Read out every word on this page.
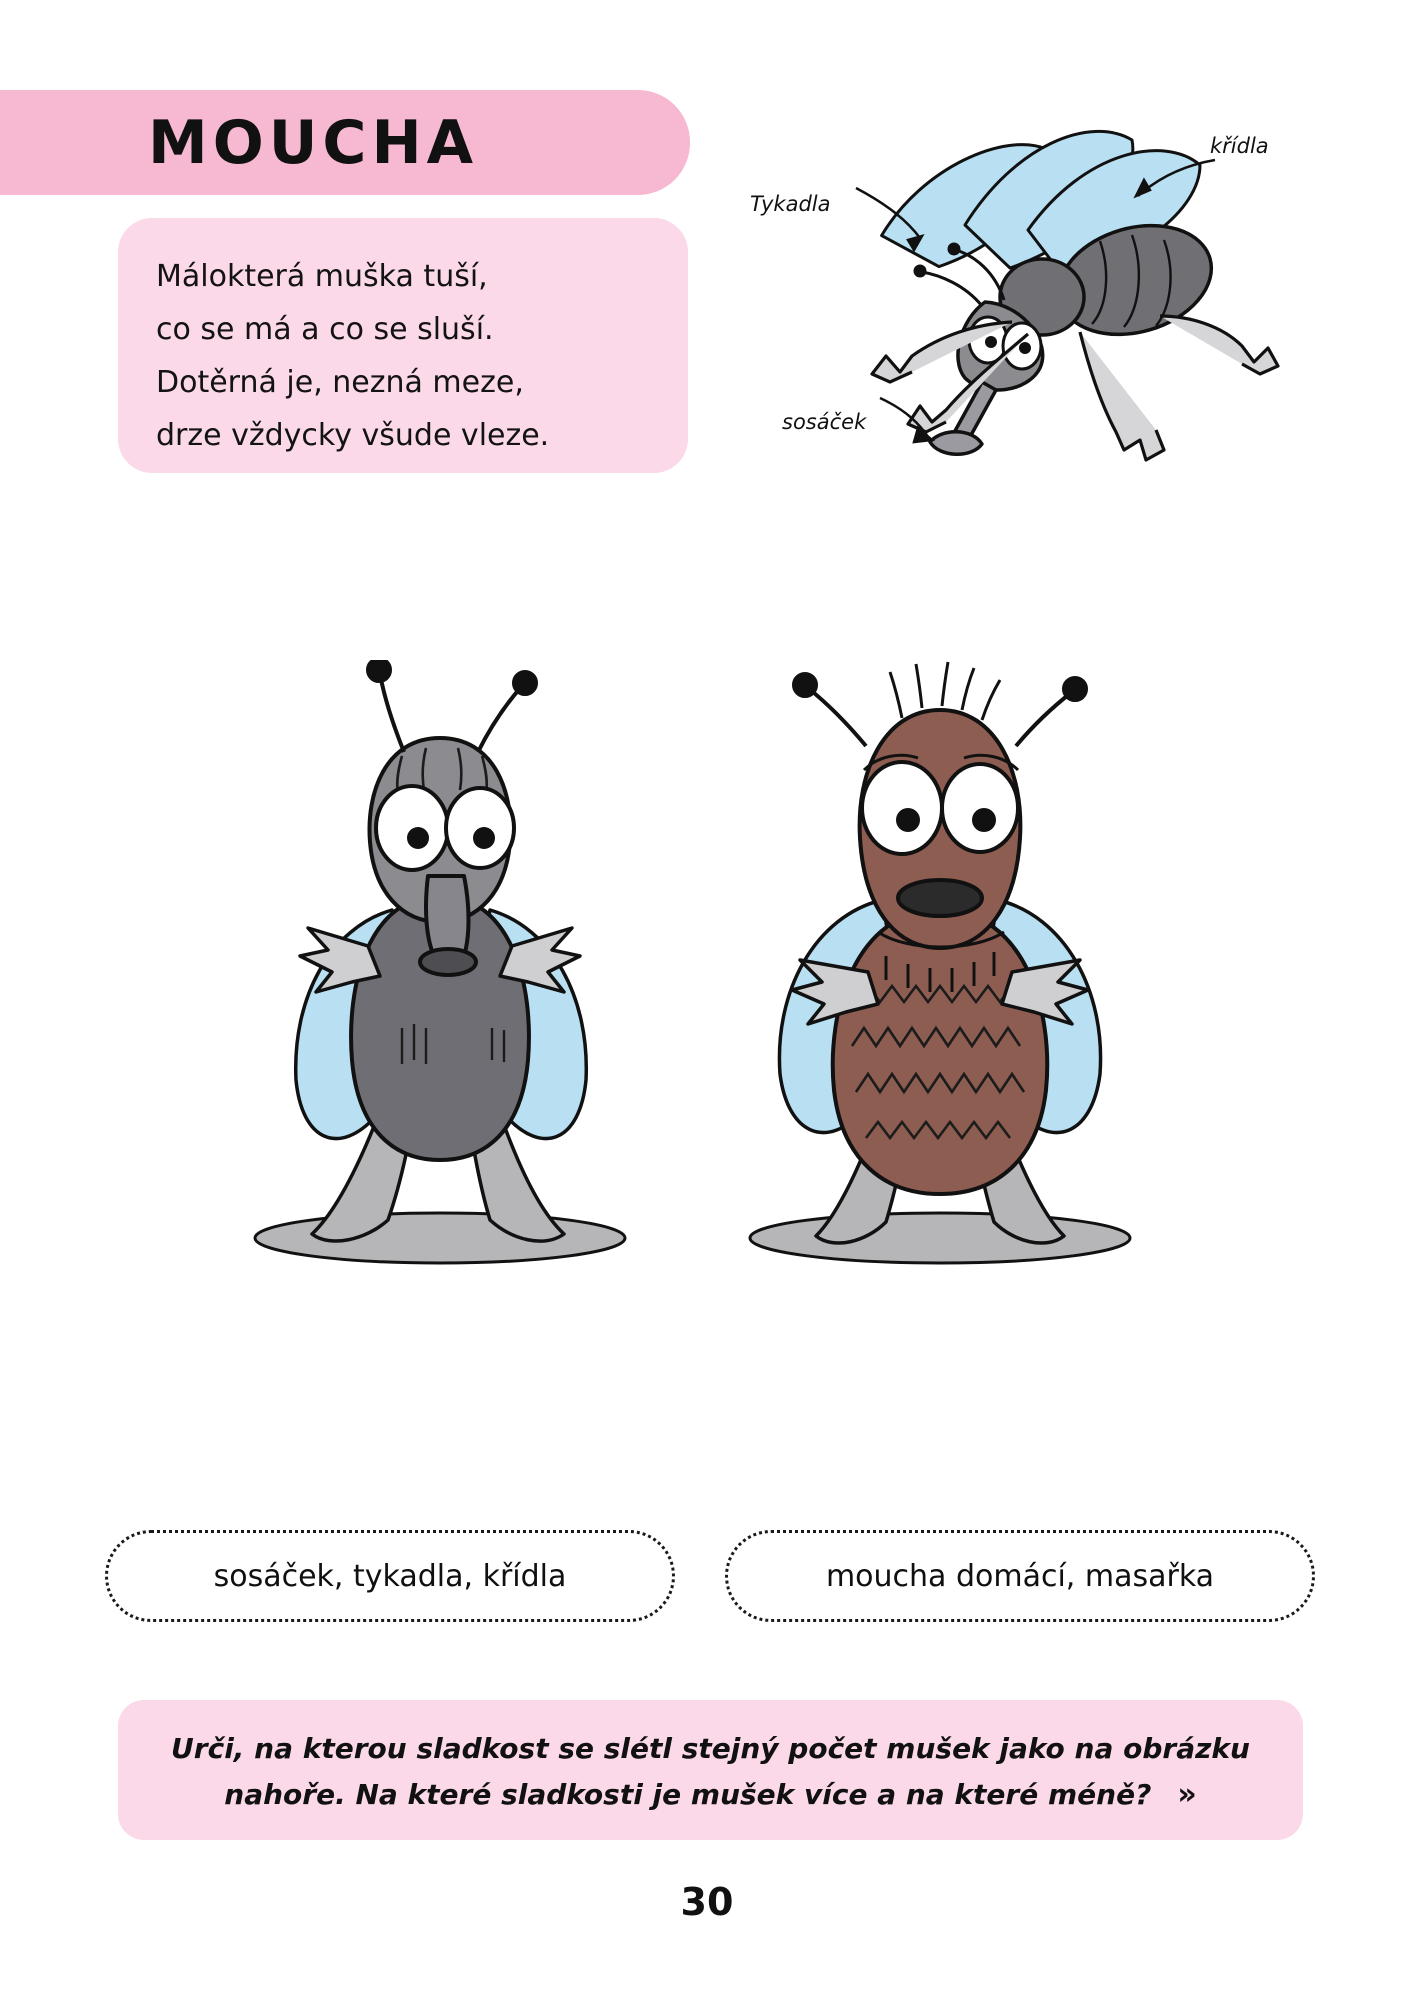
MOUCHA
Málokterá muška tuší,
co se má a co se sluší.
Dotěrná je, nezná meze,
drze vždycky všude vleze.
Tykadla
křídla
sosáček
sosáček, tykadla, křídla	moucha domácí, masařka
Urči, na kterou sladkost se slétl stejný počet mušek jako na obrázku
nahoře. Na které sladkosti je mušek více a na které méně? »
30
